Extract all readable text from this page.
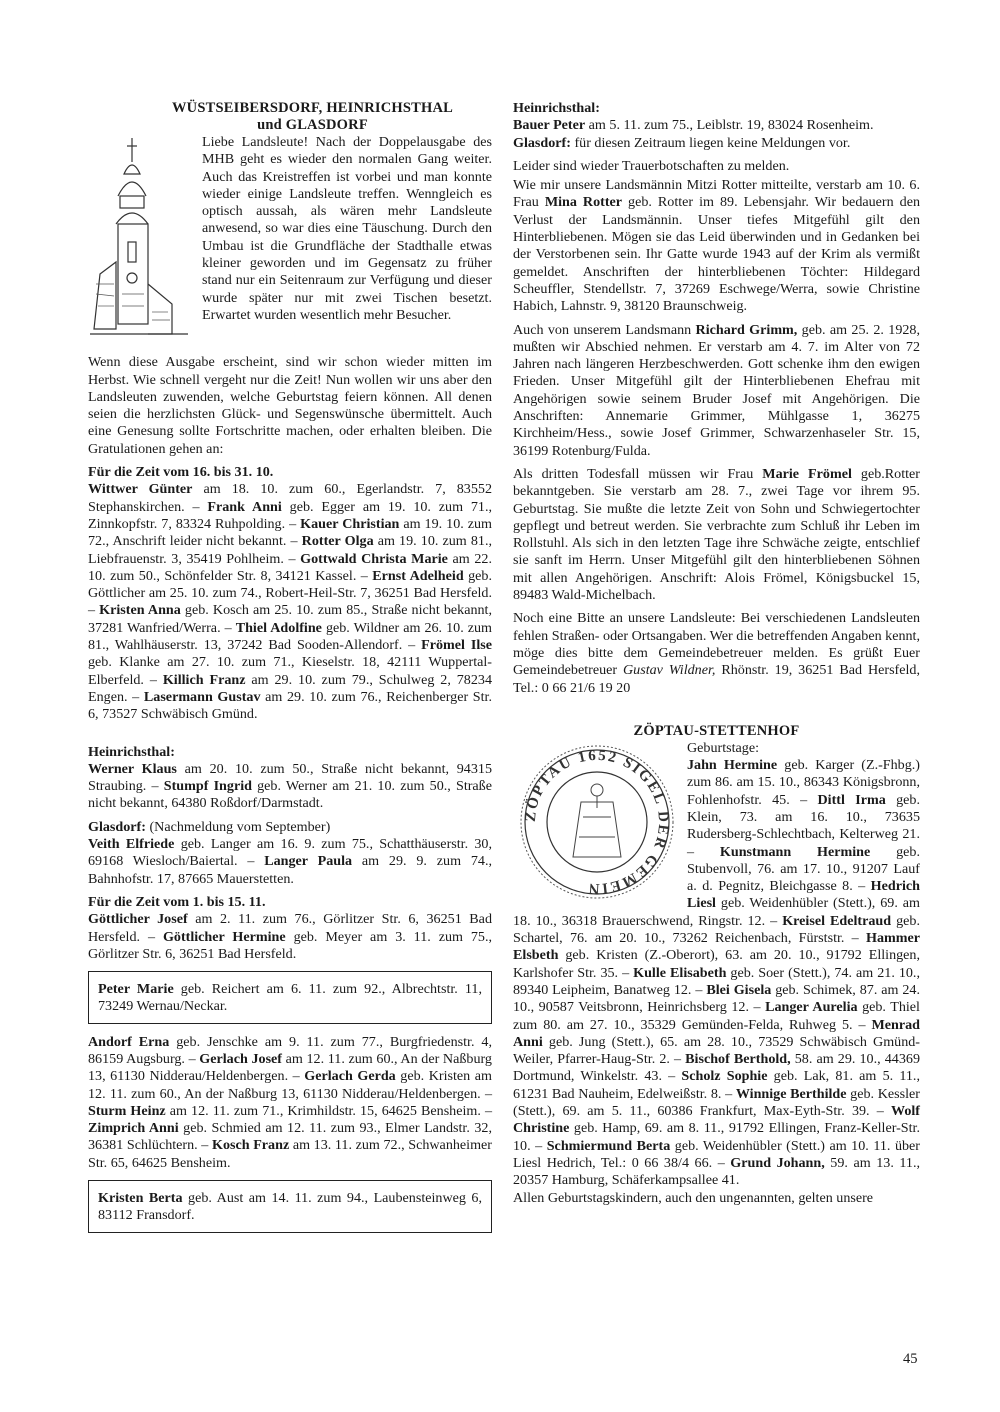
WÜSTSEIBERSDORF, HEINRICHSTHAL
und GLASDORF

Liebe Landsleute! Nach der Doppelausgabe des MHB geht es wieder den normalen Gang weiter. Auch das Kreistreffen ist vorbei und man konnte wieder einige Landsleute treffen. Wenngleich es optisch aussah, als wären mehr Landsleute anwesend, so war dies eine Täuschung. Durch den Umbau ist die Grundfläche der Stadthalle etwas kleiner geworden und im Gegensatz zu früher stand nur ein Seitenraum zur Verfügung und dieser wurde später nur mit zwei Tischen besetzt. Erwartet wurden wesentlich mehr Besucher.

Wenn diese Ausgabe erscheint, sind wir schon wieder mitten im Herbst. Wie schnell vergeht nur die Zeit! Nun wollen wir uns aber den Landsleuten zuwenden, welche Geburtstag feiern können. All denen seien die herzlichsten Glück- und Segenswünsche übermittelt. Auch eine Genesung sollte Fortschritte machen, oder erhalten bleiben. Die Gratulationen gehen an:

Für die Zeit vom 16. bis 31. 10.

Wittwer Günter am 18. 10. zum 60., Egerlandstr. 7, 83552 Stephanskirchen. – Frank Anni geb. Egger am 19. 10. zum 71., Zinnkopfstr. 7, 83324 Ruhpolding. – Kauer Christian am 19. 10. zum 72., Anschrift leider nicht bekannt. – Rotter Olga am 19. 10. zum 81., Liebfrauenstr. 3, 35419 Pohlheim. – Gottwald Christa Marie am 22. 10. zum 50., Schönfelder Str. 8, 34121 Kassel. – Ernst Adelheid geb. Göttlicher am 25. 10. zum 74., Robert-Heil-Str. 7, 36251 Bad Hersfeld. – Kristen Anna geb. Kosch am 25. 10. zum 85., Straße nicht bekannt, 37281 Wanfried/Werra. – Thiel Adolfine geb. Wildner am 26. 10. zum 81., Wahlhäuserstr. 13, 37242 Bad Sooden-Allendorf. – Frömel Ilse geb. Klanke am 27. 10. zum 71., Kieselstr. 18, 42111 Wuppertal-Elberfeld. – Killich Franz am 29. 10. zum 79., Schulweg 2, 78234 Engen. – Lasermann Gustav am 29. 10. zum 76., Reichenberger Str. 6, 73527 Schwäbisch Gmünd.

Heinrichsthal:

Werner Klaus am 20. 10. zum 50., Straße nicht bekannt, 94315 Straubing. – Stumpf Ingrid geb. Werner am 21. 10. zum 50., Straße nicht bekannt, 64380 Roßdorf/Darmstadt.

Glasdorf: (Nachmeldung vom September)

Veith Elfriede geb. Langer am 16. 9. zum 75., Schatthäuserstr. 30, 69168 Wiesloch/Baiertal. – Langer Paula am 29. 9. zum 74., Bahnhofstr. 17, 87665 Mauerstetten.

Für die Zeit vom 1. bis 15. 11.

Göttlicher Josef am 2. 11. zum 76., Görlitzer Str. 6, 36251 Bad Hersfeld. – Göttlicher Hermine geb. Meyer am 3. 11. zum 75., Görlitzer Str. 6, 36251 Bad Hersfeld.

Peter Marie geb. Reichert am 6. 11. zum 92., Albrechtstr. 11, 73249 Wernau/Neckar.

Andorf Erna geb. Jenschke am 9. 11. zum 77., Burgfriedenstr. 4, 86159 Augsburg. – Gerlach Josef am 12. 11. zum 60., An der Naßburg 13, 61130 Nidderau/Heldenbergen. – Gerlach Gerda geb. Kristen am 12. 11. zum 60., An der Naßburg 13, 61130 Nidderau/Heldenbergen. – Sturm Heinz am 12. 11. zum 71., Krimhildstr. 15, 64625 Bensheim. – Zimprich Anni geb. Schmied am 12. 11. zum 93., Elmer Landstr. 32, 36381 Schlüchtern. – Kosch Franz am 13. 11. zum 72., Schwanheimer Str. 65, 64625 Bensheim.

Kristen Berta geb. Aust am 14. 11. zum 94., Laubensteinweg 6, 83112 Fransdorf.

Heinrichsthal:

Bauer Peter am 5. 11. zum 75., Leiblstr. 19, 83024 Rosenheim.

Glasdorf: für diesen Zeitraum liegen keine Meldungen vor.

Leider sind wieder Trauerbotschaften zu melden.

Wie mir unsere Landsmännin Mitzi Rotter mitteilte, verstarb am 10. 6. Frau Mina Rotter geb. Rotter im 89. Lebensjahr. Wir bedauern den Verlust der Landsmännin. Unser tiefes Mitgefühl gilt den Hinterbliebenen. Mögen sie das Leid überwinden und in Gedanken bei der Verstorbenen sein. Ihr Gatte wurde 1943 auf der Krim als vermißt gemeldet. Anschriften der hinterbliebenen Töchter: Hildegard Scheuffler, Stendellstr. 7, 37269 Eschwege/Werra, sowie Christine Habich, Lahnstr. 9, 38120 Braunschweig.

Auch von unserem Landsmann Richard Grimm, geb. am 25. 2. 1928, mußten wir Abschied nehmen. Er verstarb am 4. 7. im Alter von 72 Jahren nach längeren Herzbeschwerden. Gott schenke ihm den ewigen Frieden. Unser Mitgefühl gilt der Hinterbliebenen Ehefrau mit Angehörigen sowie seinem Bruder Josef mit Angehörigen. Die Anschriften: Annemarie Grimmer, Mühlgasse 1, 36275 Kirchheim/Hess., sowie Josef Grimmer, Schwarzenhaseler Str. 15, 36199 Rotenburg/Fulda.

Als dritten Todesfall müssen wir Frau Marie Frömel geb.Rotter bekanntgeben. Sie verstarb am 28. 7., zwei Tage vor ihrem 95. Geburtstag. Sie mußte die letzte Zeit von Sohn und Schwiegertochter gepflegt und betreut werden. Sie verbrachte zum Schluß ihr Leben im Rollstuhl. Als sich in den letzten Tage ihre Schwäche zeigte, entschlief sie sanft im Herrn. Unser Mitgefühl gilt den hinterbliebenen Söhnen mit allen Angehörigen. Anschrift: Alois Frömel, Königsbuckel 15, 89483 Wald-Michelbach.

Noch eine Bitte an unsere Landsleute: Bei verschiedenen Landsleuten fehlen Straßen- oder Ortsangaben. Wer die betreffenden Angaben kennt, möge dies bitte dem Gemeindebetreuer melden. Es grüßt Euer Gemeindebetreuer Gustav Wildner, Rhönstr. 19, 36251 Bad Hersfeld, Tel.: 0 66 21/6 19 20

ZÖPTAU-STETTENHOF

ZÖPTAU 1652 SIGEL DER GEMEIN
Geburtstage:
Jahn Hermine geb. Karger (Z.-Fhbg.) zum 86. am 15. 10., 86343 Königsbronn, Fohlenhofstr. 45. – Dittl Irma geb. Klein, 73. am 16. 10., 73635 Rudersberg-Schlechtbach, Kelterweg 21. – Kunstmann Hermine geb. Stubenvoll, 76. am 17. 10., 91207 Lauf a. d. Pegnitz, Bleichgasse 8. – Hedrich Liesl geb. Weidenhübler (Stett.), 69. am 18. 10., 36318 Brauerschwend, Ringstr. 12. – Kreisel Edeltraud geb. Schartel, 76. am 20. 10., 73262 Reichenbach, Fürststr. – Hammer Elsbeth geb. Kristen (Z.-Oberort), 63. am 20. 10., 91792 Ellingen, Karlshofer Str. 35. – Kulle Elisabeth geb. Soer (Stett.), 74. am 21. 10., 89340 Leipheim, Banatweg 12. – Blei Gisela geb. Schimek, 87. am 24. 10., 90587 Veitsbronn, Heinrichsberg 12. – Langer Aurelia geb. Thiel zum 80. am 27. 10., 35329 Gemünden-Felda, Ruhweg 5. – Menrad Anni geb. Jung (Stett.), 65. am 28. 10., 73529 Schwäbisch Gmünd-Weiler, Pfarrer-Haug-Str. 2. – Bischof Berthold, 58. am 29. 10., 44369 Dortmund, Winkelstr. 43. – Scholz Sophie geb. Lak, 81. am 5. 11., 61231 Bad Nauheim, Edelweißstr. 8. – Winnige Berthilde geb. Kessler (Stett.), 69. am 5. 11., 60386 Frankfurt, Max-Eyth-Str. 39. – Wolf Christine geb. Hamp, 69. am 8. 11., 91792 Ellingen, Franz-Keller-Str. 10. – Schmiermund Berta geb. Weidenhübler (Stett.) am 10. 11. über Liesl Hedrich, Tel.: 0 66 38/4 66. – Grund Johann, 59. am 13. 11., 20357 Hamburg, Schäferkampsallee 41.

Allen Geburtstagskindern, auch den ungenannten, gelten unsere

45
